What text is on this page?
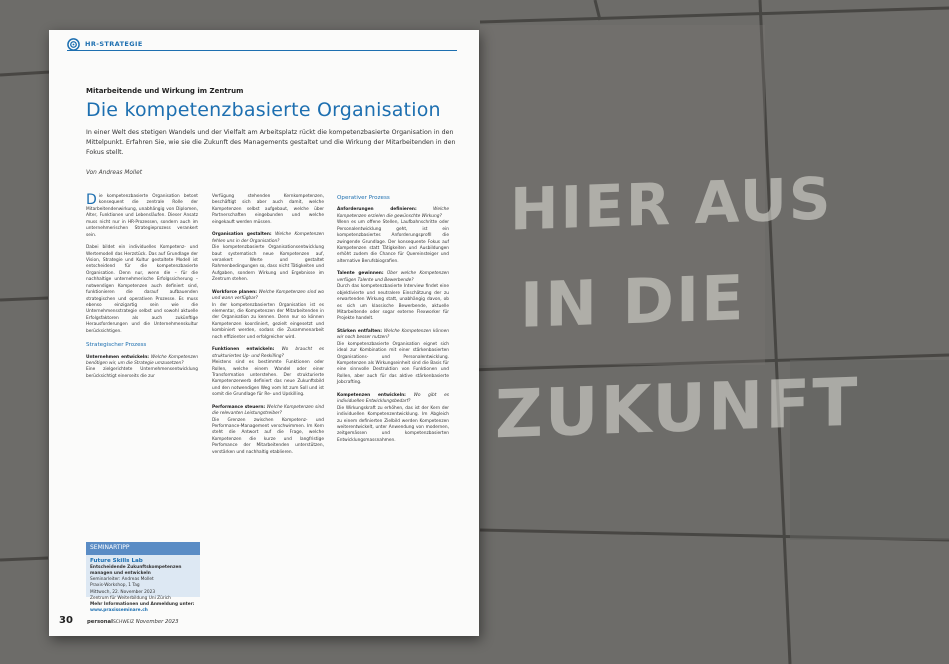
HIER AUS
IN DIE
ZUKUNFT
HR-STRATEGIE
Mitarbeitende und Wirkung im Zentrum
Die kompetenzbasierte Organisation
In einer Welt des stetigen Wandels und der Vielfalt am Arbeitsplatz rückt die kompetenzbasierte Organisation in den Mittelpunkt. Erfahren Sie, wie sie die Zukunft des Managements gestaltet und die Wirkung der Mitarbeitenden in den Fokus stellt.
Von Andreas Mollet

Die kompetenzbasierte Organisation betont konsequent die zentrale Rolle der Mitarbeitendenwirkung, unabhängig von Diplomen, Alter, Funktionen und Lebensläufen. Dieser Ansatz muss nicht nur in HR-Prozessen, sondern auch im unternehmerischen Strategieprozess verankert sein.

Dabei bildet ein individuelles Kompetenz- und Wertemodell das Herzstück. Das auf Grundlage der Vision, Strategie und Kultur gestaltete Modell ist entscheidend für die kompetenzbasierte Organisation. Denn nur, wenn die – für die nachhaltige unternehmerische Erfolgssicherung – notwendigen Kompetenzen auch definiert sind, funktionieren die darauf aufbauenden strategischen und operativen Prozesse. Es muss ebenso einzigartig sein wie die Unternehmensstrategie selbst und sowohl aktuelle Erfolgsfaktoren als auch zukünftige Herausforderungen und die Unternehmenskultur berücksichtigen.

Strategischer Prozess

Unternehmen entwickeln: Welche Kompetenzen benötigen wir, um die Strategie umzusetzen?
Eine zielgerichtete Unternehmensentwicklung berücksichtigt einerseits die zur

Verfügung stehenden Kernkompetenzen, beschäftigt sich aber auch damit, welche Kompetenzen selbst aufgebaut, welche über Partnerschaften eingebunden und welche eingekauft werden müssen.

Organisation gestalten: Welche Kompetenzen fehlen uns in der Organisation?
Die kompetenzbasierte Organisationsentwicklung baut systematisch neue Kompetenzen auf, verankert Werte und gestaltet Rahmenbedingungen so, dass nicht Tätigkeiten und Aufgaben, sondern Wirkung und Ergebnisse im Zentrum stehen.

Workforce planen: Welche Kompetenzen sind wo und wann verfügbar?
In der kompetenzbasierten Organisation ist es elementar, die Kompetenzen der Mitarbeitenden in der Organisation zu kennen. Denn nur so können Kompetenzen koordiniert, gezielt eingesetzt und kombiniert werden, sodass die Zusammenarbeit noch effizienter und erfolgreicher wird.

Funktionen entwickeln: Wo braucht es strukturiertes Up- und Reskilling?
Meistens sind es bestimmte Funktionen oder Rollen, welche einem Wandel oder einer Transformation unterstehen. Der strukturierte Kompetenzerwerb definiert das neue Zukunftsbild und den notwendigen Weg vom Ist zum Soll und ist somit die Grundlage für Re- und Upskilling.

Performance steuern: Welche Kompetenzen sind die relevanten Leistungstreiber?
Die Grenzen zwischen Kompetenz- und Performance-Management verschwimmen. Im Kern steht die Antwort auf die Frage, welche Kompetenzen die kurze und langfristige Perfomance der Mitarbeitenden unterstützen, verstärken und nachhaltig etablieren.

Operativer Prozess

Anforderungen definieren:	Welche Kompetenzen erzielen die gewünschte Wirkung?
Wenn es um offene Stellen, Laufbahnschritte oder Personalentwicklung geht, ist ein kompetenzbasiertes Anforderungsprofil die zwingende Grundlage. Der konsequente Fokus auf Kompetenzen statt Tätigkeiten und Ausbildungen erhöht zudem die Chance für Quereinsteiger und alternative Berufsbiografien.

Talente gewinnen: Über welche Kompetenzen verfügen Talente und Bewerbende?
Durch das kompetenzbasierte Interview findet eine objektivierte und neutralere Einschätzung der zu erwartenden Wirkung statt, unabhängig davon, ob es sich um klassische Bewerbende, aktuelle Mitarbeitende oder sogar externe Flexworker für Projekte handelt.

Stärken entfalten: Welche Kompetenzen können wir noch besser nutzen?
Die kompetenzbasierte Organisation eignet sich ideal zur Kombination mit einer stärkenbasierten Organisations- und Personalentwicklung. Kompetenzen als Wirkungseinheit sind die Basis für eine sinnvolle Destruktion von Funktionen und Rollen, aber auch für das aktive stärkenbasierte Jobcrafting.

Kompetenzen entwickeln: Wo gibt es individuellen Entwicklungsbedarf?
Die Wirkungskraft zu erhöhen, das ist der Kern der individuellen Kompetenzentwicklung. Im Abgleich zu einem definierten Zielbild werden Kompetenzen weiterentwickelt, unter Anwendung von modernen, zeitgemässen und kompetenzbasierten Entwicklungsmassnahmen.

SEMINARTIPP
Future Skills Lab
Entscheidende Zukunftskompetenzen managen und entwickeln
Seminarleiter: Andreas Mollet
Praxis-Workshop, 1 Tag
Mittwoch, 22. November 2023
Zentrum für Weiterbildung Uni Zürich
Mehr Informationen und Anmeldung unter: www.praxisseminare.ch
30	personalSCHWEIZ November 2023
